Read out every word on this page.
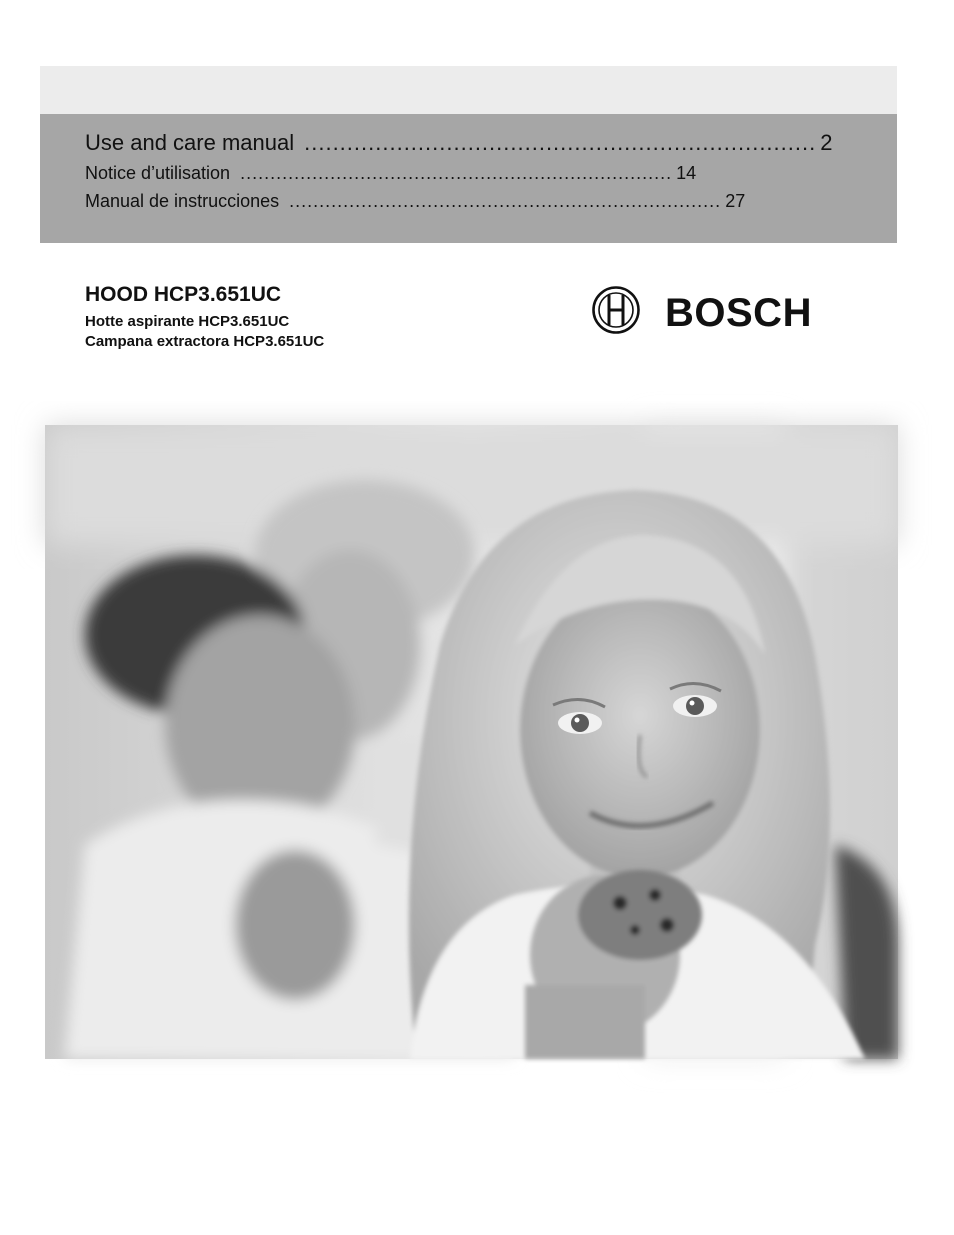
Use and care manual ........................................................................ 2
Notice d’utilisation ........................................................................ 14
Manual de instrucciones ........................................................................ 27
HOOD HCP3.651UC
Hotte aspirante HCP3.651UC
Campana extractora HCP3.651UC
BOSCH
